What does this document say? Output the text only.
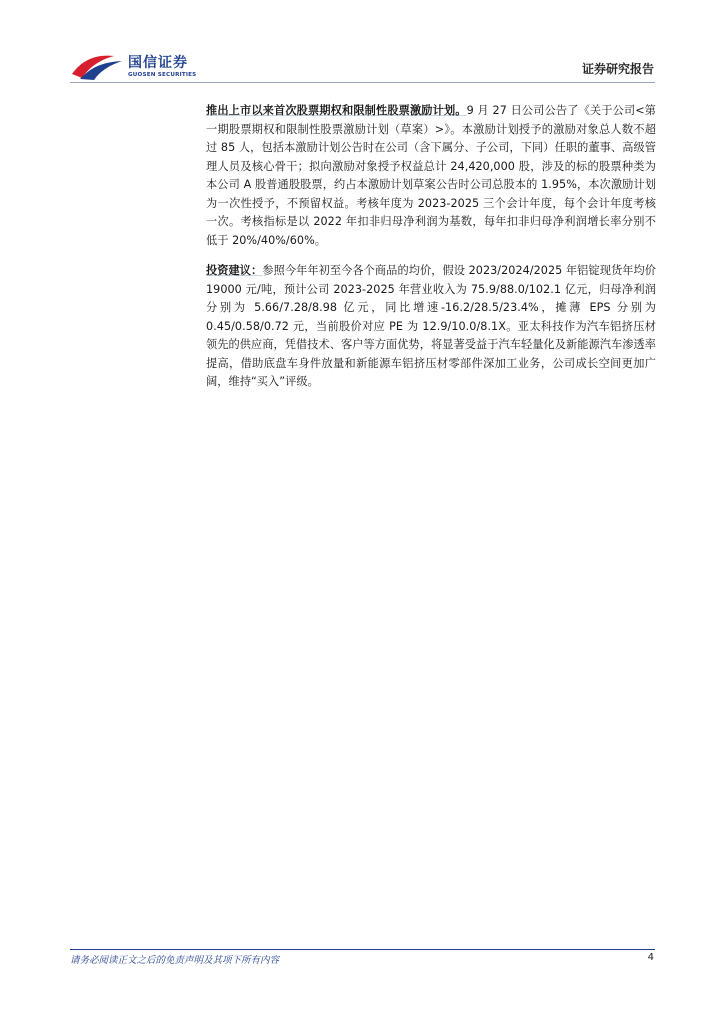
国信证券
GUOSEN SECURITIES	证券研究报告

推出上市以来首次股票期权和限制性股票激励计划。9 月 27 日公司公告了《关于公司<第一期股票期权和限制性股票激励计划（草案）>》。本激励计划授予的激励对象总人数不超过 85 人，包括本激励计划公告时在公司（含下属分、子公司，下同）任职的董事、高级管理人员及核心骨干；拟向激励对象授予权益总计 24,420,000 股，涉及的标的股票种类为本公司 A 股普通股股票，约占本激励计划草案公告时公司总股本的 1.95%，本次激励计划为一次性授予，不预留权益。考核年度为 2023-2025 三个会计年度，每个会计年度考核一次。考核指标是以 2022 年扣非归母净利润为基数，每年扣非归母净利润增长率分别不低于 20%/40%/60%。

投资建议：参照今年年初至今各个商品的均价，假设 2023/2024/2025 年铝锭现货年均价 19000 元/吨，预计公司 2023-2025 年营业收入为 75.9/88.0/102.1 亿元，归母净利润分别为 5.66/7.28/8.98 亿元，同比增速-16.2/28.5/23.4%，摊薄 EPS 分别为 0.45/0.58/0.72 元，当前股价对应 PE 为 12.9/10.0/8.1X。亚太科技作为汽车铝挤压材领先的供应商，凭借技术、客户等方面优势，将显著受益于汽车轻量化及新能源汽车渗透率提高，借助底盘车身件放量和新能源车铝挤压材零部件深加工业务，公司成长空间更加广阔，维持“买入”评级。

请务必阅读正文之后的免责声明及其项下所有内容	4
